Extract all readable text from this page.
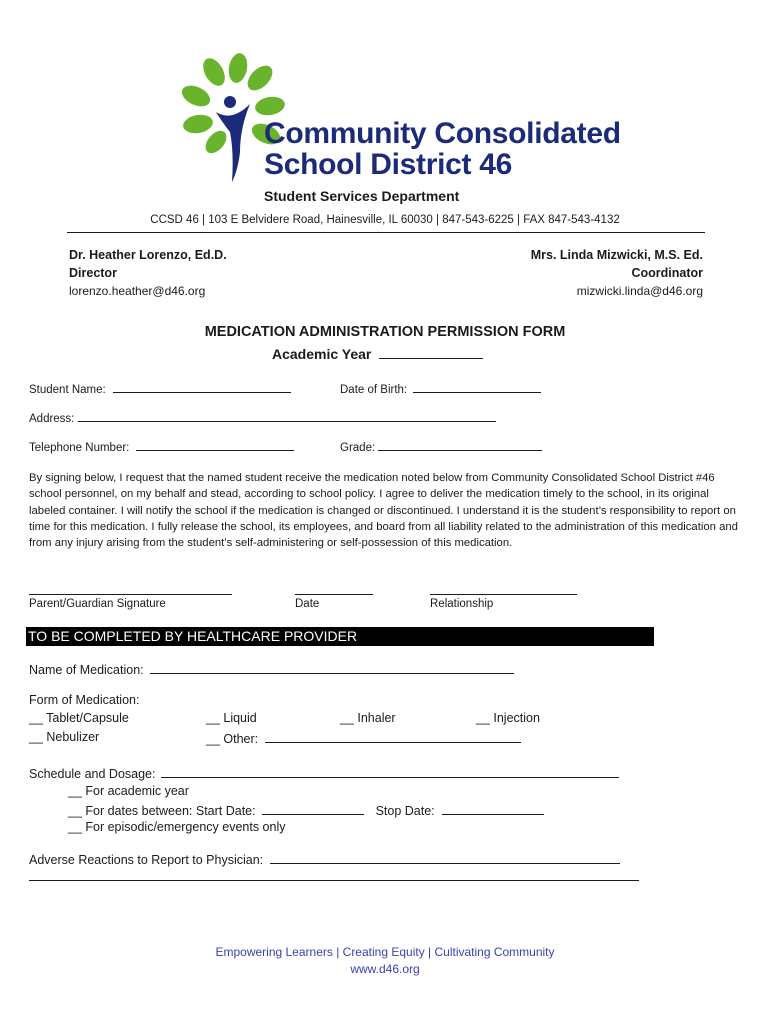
Community Consolidated
School District 46
Student Services Department
CCSD 46 | 103 E Belvidere Road, Hainesville, IL 60030 | 847-543-6225 | FAX 847-543-4132
Dr. Heather Lorenzo, Ed.D.
Director
lorenzo.heather@d46.org
Mrs. Linda Mizwicki, M.S. Ed.
Coordinator
mizwicki.linda@d46.org
MEDICATION ADMINISTRATION PERMISSION FORM
Academic Year
Student Name:	Date of Birth:
Address:
Telephone Number:	Grade:
By signing below, I request that the named student receive the medication noted below from Community Consolidated School District #46 school personnel, on my behalf and stead, according to school policy. I agree to deliver the medication timely to the school, in its original labeled container. I will notify the school if the medication is changed or discontinued. I understand it is the student’s responsibility to report on time for this medication. I fully release the school, its employees, and board from all liability related to the administration of this medication and from any injury arising from the student’s self-administering or self-possession of this medication.
Parent/Guardian Signature	Date	Relationship
TO BE COMPLETED BY HEALTHCARE PROVIDER
Name of Medication:
Form of Medication:
__ Tablet/Capsule	__ Liquid	__ Inhaler	__ Injection
__ Nebulizer	__ Other:
Schedule and Dosage:
__ For academic year
__ For dates between: Start Date:	Stop Date:
__ For episodic/emergency events only
Adverse Reactions to Report to Physician:
Empowering Learners | Creating Equity | Cultivating Community
www.d46.org
